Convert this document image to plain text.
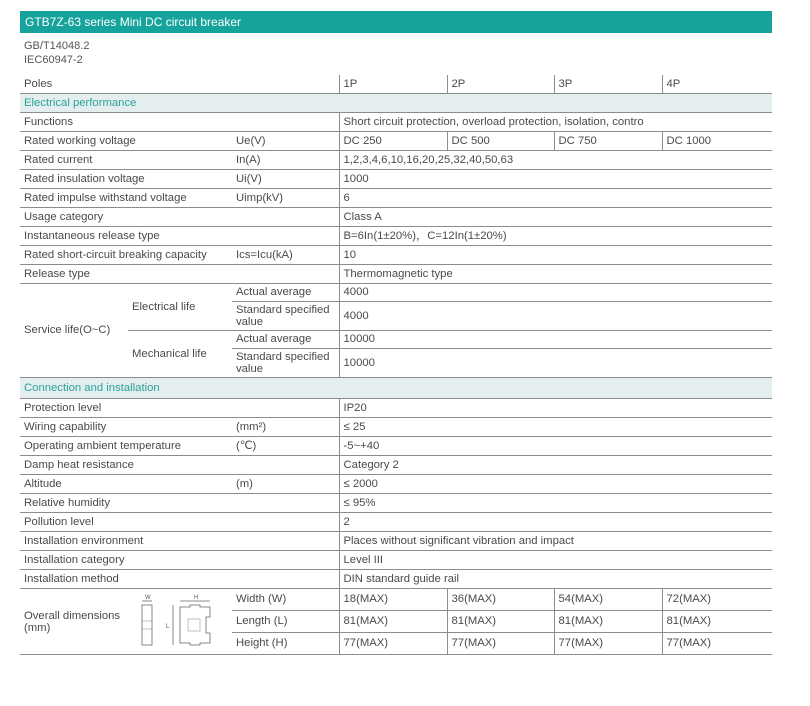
GTB7Z-63 series Mini DC circuit breaker
GB/T14048.2
IEC60947-2
Poles			1P	2P	3P	4P
Electrical performance						
Functions			Short circuit protection, overload protection, isolation, contro			
Rated working voltage		Ue(V)	DC 250	DC 500	DC 750	DC 1000
Rated current		In(A)	1,2,3,4,6,10,16,20,25,32,40,50,63			
Rated insulation voltage		Ui(V)	1000			
Rated impulse withstand voltage		Uimp(kV)	6			
Usage category			Class A			
Instantaneous release type			B=6In(1±20%)，C=12In(1±20%)			
Rated short-circuit breaking capacity		Ics=Icu(kA)	10			
Release type			Thermomagnetic type			
Service life(O~C)	Electrical life	Actual average	4000			
		Standard specified value	4000			
	Mechanical life	Actual average	10000			
		Standard specified value	10000			
Connection and installation						
Protection level			IP20			
Wiring capability		(mm²)	≤ 25			
Operating ambient temperature		(℃)	-5~+40			
Damp heat resistance			Category 2			
Altitude		(m)	≤ 2000			
Relative humidity			≤ 95%			
Pollution level			2			
Installation environment			Places without significant vibration and impact			
Installation category			Level III			
Installation method			DIN standard guide rail			
Overall dimensions (mm)	W H
L	Width (W)	18(MAX)	36(MAX)	54(MAX)	72(MAX)
		Length (L)	81(MAX)	81(MAX)	81(MAX)	81(MAX)
		Height (H)	77(MAX)	77(MAX)	77(MAX)	77(MAX)
